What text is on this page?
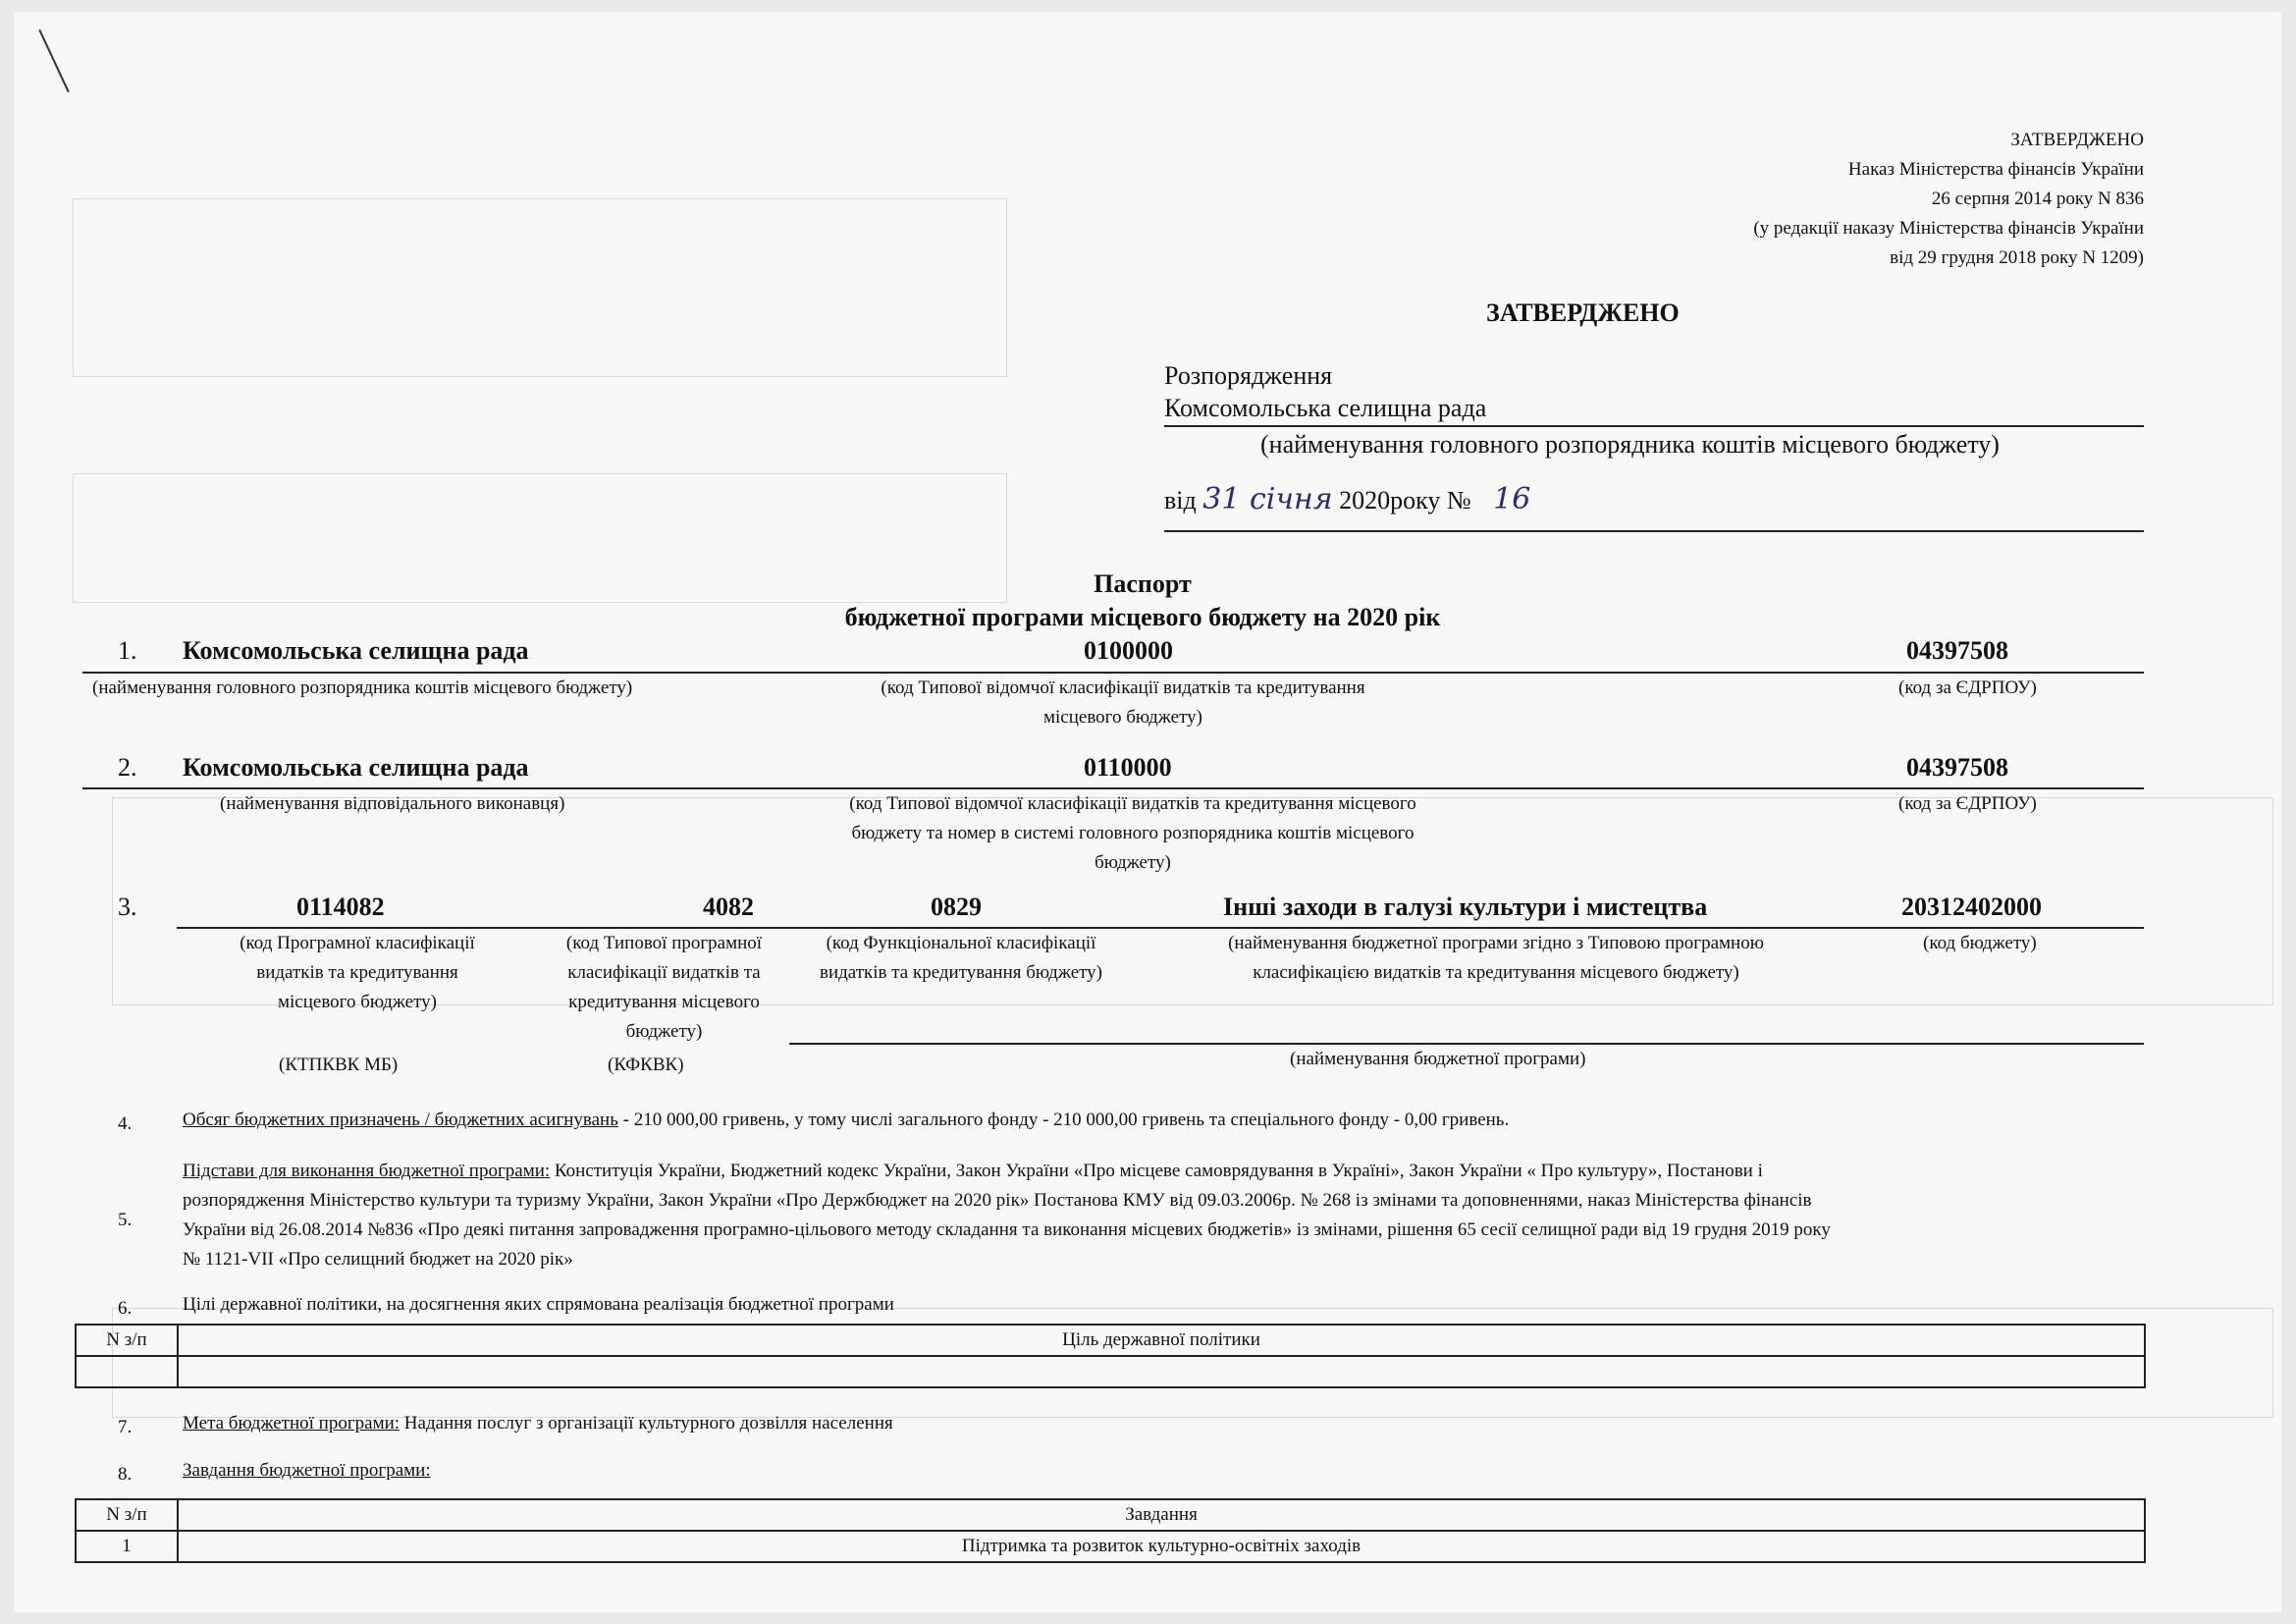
ЗАТВЕРДЖЕНО
Наказ Міністерства фінансів України
26 серпня 2014 року N 836
(у редакції наказу Міністерства фінансів України
від 29 грудня 2018 року N 1209)
ЗАТВЕРДЖЕНО
Розпорядження
Комсомольська селищна рада
(найменування головного розпорядника коштів місцевого бюджету)
від 31 січня 2020року № 16
Паспорт
бюджетної програми місцевого бюджету на 2020 рік
1. Комсомольська селищна рада	0100000	04397508
(найменування головного розпорядника коштів місцевого бюджету)	(код Типової відомчої класифікації видатків та кредитування
місцевого бюджету)
(код за ЄДРПОУ)
2. Комсомольська селищна рада	0110000	04397508
(найменування відповідального виконавця)	(код Типової відомчої класифікації видатків та кредитування місцевого
бюджету та номер в системі головного розпорядника коштів місцевого
бюджету)
(код за ЄДРПОУ)
3.	0114082	4082	0829	Інші заходи в галузі культури і мистецтва	20312402000
(код Програмної класифікації
видатків та кредитування
місцевого бюджету)
(код Типової програмної
класифікації видатків та
кредитування місцевого
бюджету)
(код Функціональної класифікації
видатків та кредитування бюджету)
(найменування бюджетної програми згідно з Типовою програмною
класифікацією видатків та кредитування місцевого бюджету)
(код бюджету)
(КТПКВК МБ)	(КФКВК)	(найменування бюджетної програми)
4.	Обсяг бюджетних призначень / бюджетних асигнувань - 210 000,00 гривень, у тому числі загального фонду - 210 000,00 гривень та спеціального фонду - 0,00 гривень.
5.
Підстави для виконання бюджетної програми: Конституція України, Бюджетний кодекс України, Закон України «Про місцеве самоврядування в Україні», Закон України « Про культуру», Постанови і
розпорядження Міністерство культури та туризму України, Закон України «Про Держбюджет на 2020 рік» Постанова КМУ від 09.03.2006р. № 268 із змінами та доповненнями, наказ Міністерства фінансів
України від 26.08.2014 №836 «Про деякі питання запровадження програмно-цільового методу складання та виконання місцевих бюджетів» із змінами, рішення 65 сесії селищної ради від 19 грудня 2019 року
№ 1121-VII «Про селищний бюджет на 2020 рік»
6.	Цілі державної політики, на досягнення яких спрямована реалізація бюджетної програми
N з/п	Ціль державної політики

7.	Мета бюджетної програми: Надання послуг з організації культурного дозвілля населення
8.	Завдання бюджетної програми:
N з/п	Завдання
1	Підтримка та розвиток культурно-освітніх заходів
